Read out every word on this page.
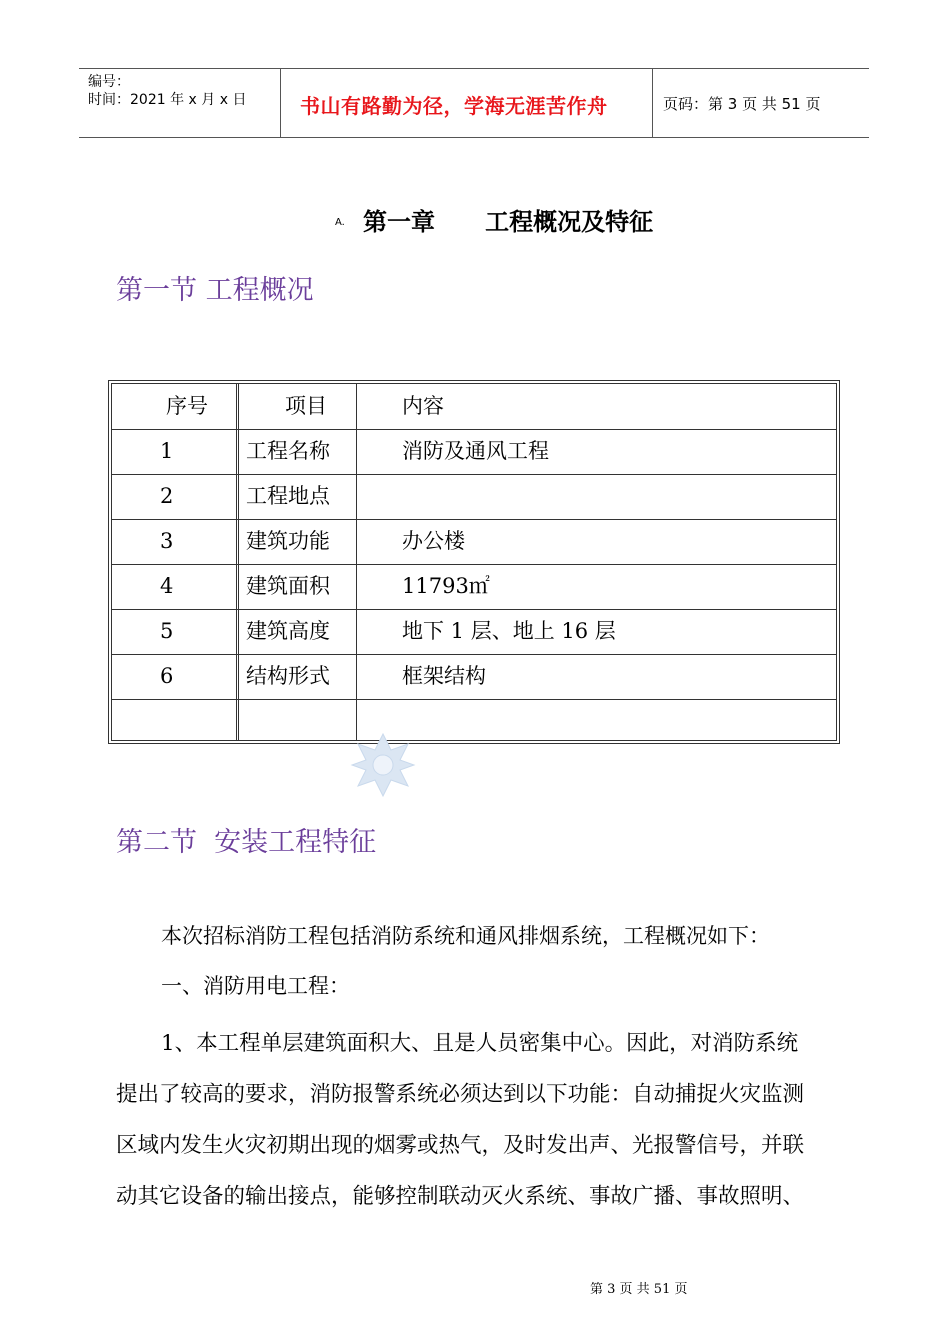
编号：
时间：2021 年 x 月 x 日	书山有路勤为径，学海无涯苦作舟	页码：第 3 页 共 51 页
A. 第一章      工程概况及特征
第一节 工程概况
序号	项目	内容
1	工程名称	消防及通风工程
2	工程地点
3	建筑功能	办公楼
4	建筑面积	11793㎡
5	建筑高度	地下 1 层、地上 16 层
6	结构形式	框架结构
第二节  安装工程特征
本次招标消防工程包括消防系统和通风排烟系统，工程概况如下：
一、消防用电工程：
1、本工程单层建筑面积大、且是人员密集中心。因此，对消防系统
提出了较高的要求，消防报警系统必须达到以下功能：自动捕捉火灾监测
区域内发生火灾初期出现的烟雾或热气，及时发出声、光报警信号，并联
动其它设备的输出接点，能够控制联动灭火系统、事故广播、事故照明、
第 3 页 共 51 页
